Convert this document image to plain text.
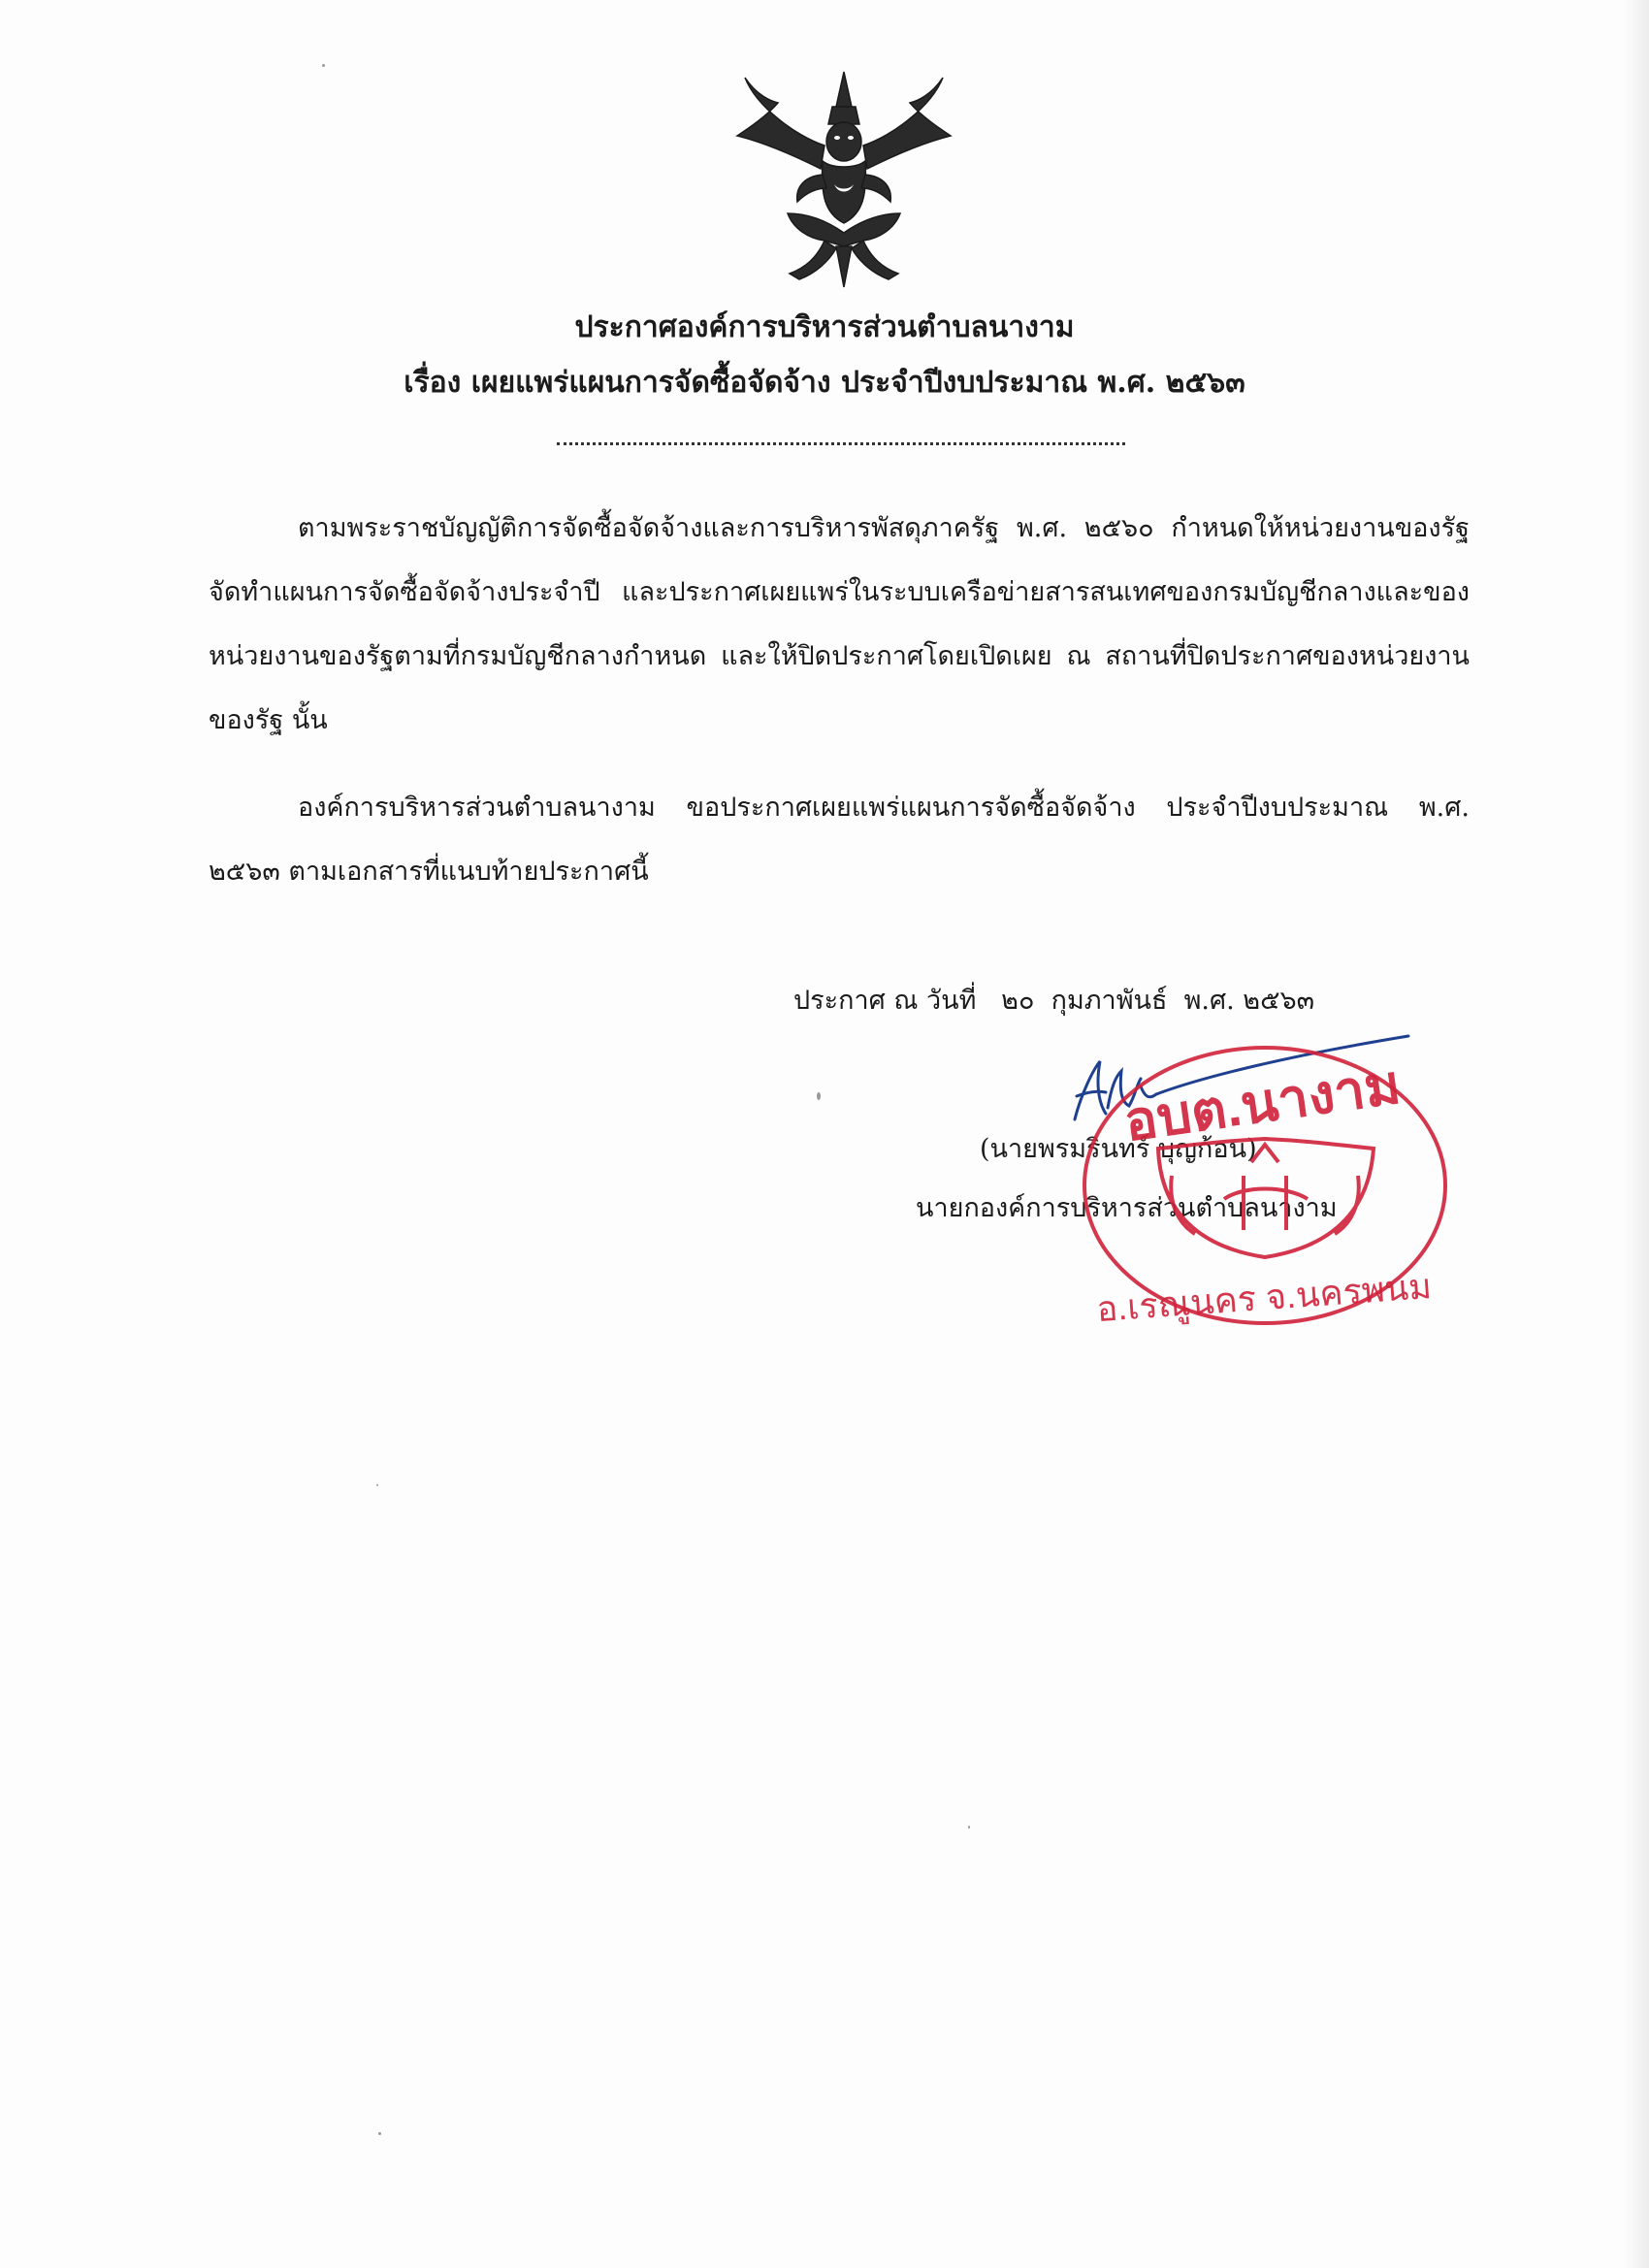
ประกาศองค์การบริหารส่วนตำบลนางาม
เรื่อง เผยแพร่แผนการจัดซื้อจัดจ้าง ประจำปีงบประมาณ พ.ศ. ๒๕๖๓

ตามพระราชบัญญัติการจัดซื้อจัดจ้างและการบริหารพัสดุภาครัฐ พ.ศ. ๒๕๖๐ กำหนดให้หน่วยงานของรัฐจัดทำแผนการจัดซื้อจัดจ้างประจำปี และประกาศเผยแพร่ในระบบเครือข่ายสารสนเทศของกรมบัญชีกลางและของหน่วยงานของรัฐตามที่กรมบัญชีกลางกำหนด และให้ปิดประกาศโดยเปิดเผย ณ สถานที่ปิดประกาศของหน่วยงานของรัฐ นั้น

องค์การบริหารส่วนตำบลนางาม ขอประกาศเผยแพร่แผนการจัดซื้อจัดจ้าง ประจำปีงบประมาณ พ.ศ. ๒๕๖๓ ตามเอกสารที่แนบท้ายประกาศนี้

ประกาศ ณ วันที่   ๒๐  กุมภาพันธ์  พ.ศ. ๒๕๖๓
(นายพรมรินทร์ บุญก้อน)
นายกองค์การบริหารส่วนตำบลนางาม
อบต.นางาม
อ.เรณูนคร จ.นครพนม
